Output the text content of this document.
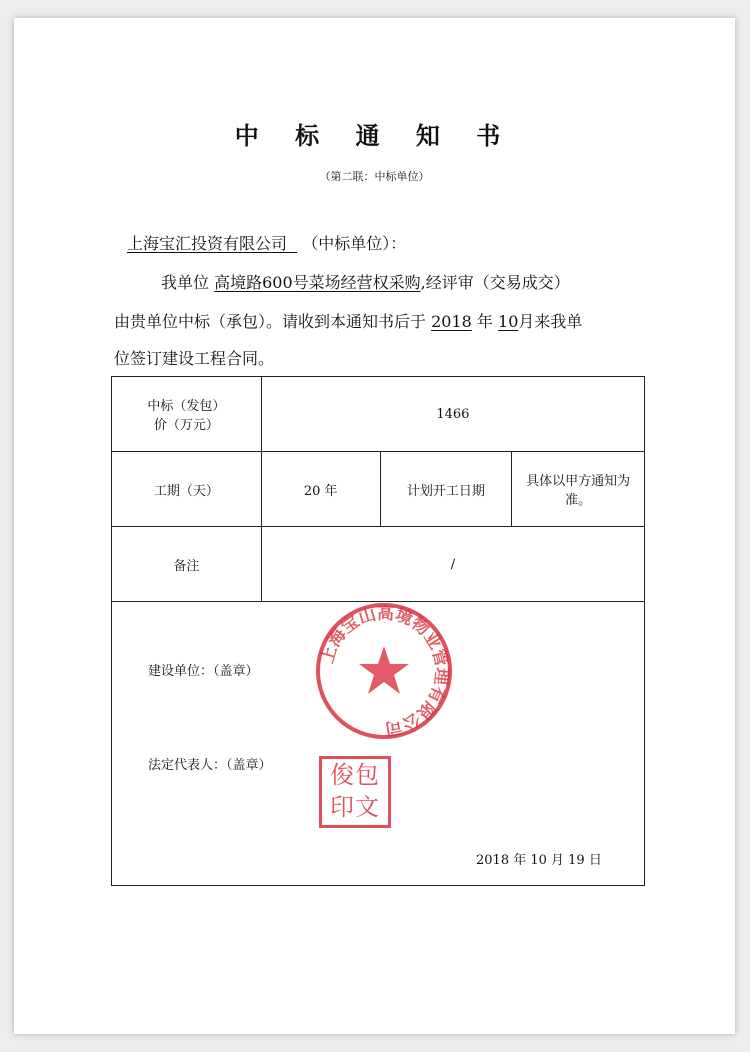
中 标 通 知 书
（第二联：中标单位）
上海宝汇投资有限公司 （中标单位）：
我单位 高境路600号菜场经营权采购,经评审（交易成交）
由贵单位中标（承包）。请收到本通知书后于 2018 年 10月来我单
位签订建设工程合同。
中标（发包）价（万元）	1466		
工期（天）	20 年	计划开工日期	具体以甲方通知为准。
备注	/		

建设单位：（盖章）
法定代表人：（盖章）
2018 年 10 月 19 日
上海宝山高境物业管理有限公司
俊包印文			
